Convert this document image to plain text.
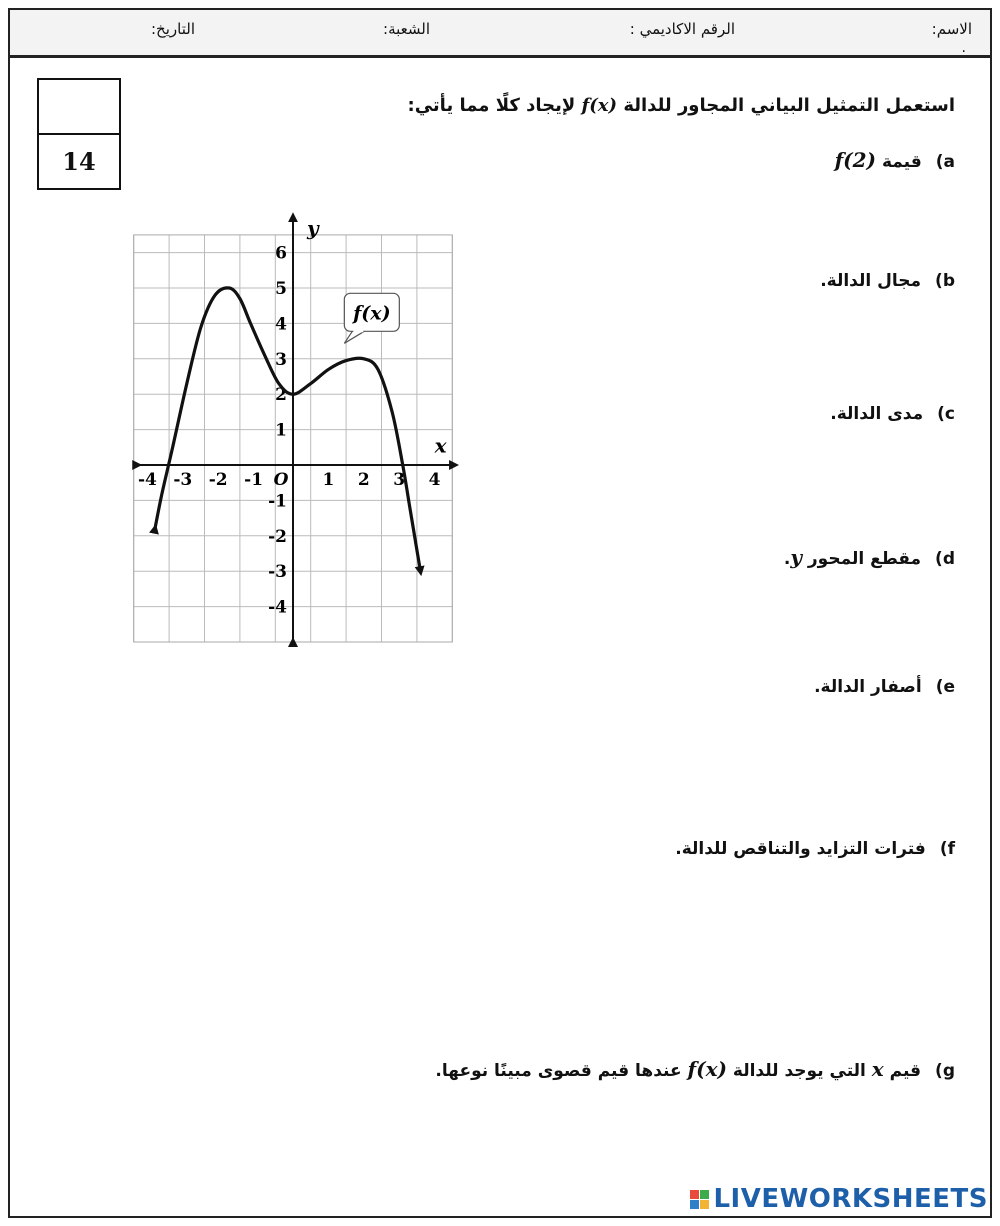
الاسم:
.
الرقم الاكاديمي :
الشعبة:
التاريخ:
14
استعمل التمثيل البياني المجاور للدالة f(x) لإيجاد كلًا مما يأتي:
a)قيمة f(2)
b)مجال الدالة.
c)مدى الدالة.
d)مقطع المحور y.
e)أصفار الدالة.
f)فترات التزايد والتناقص للدالة.
g)قيم x التي يوجد للدالة f(x) عندها قيم قصوى مبينًا نوعها.
x
y
-4 -3 -2 -1 O 1 2 3 4
6
5
4
3
2
1
-1
-2
-3
-4
f(x)
LIVEWORKSHEETS
